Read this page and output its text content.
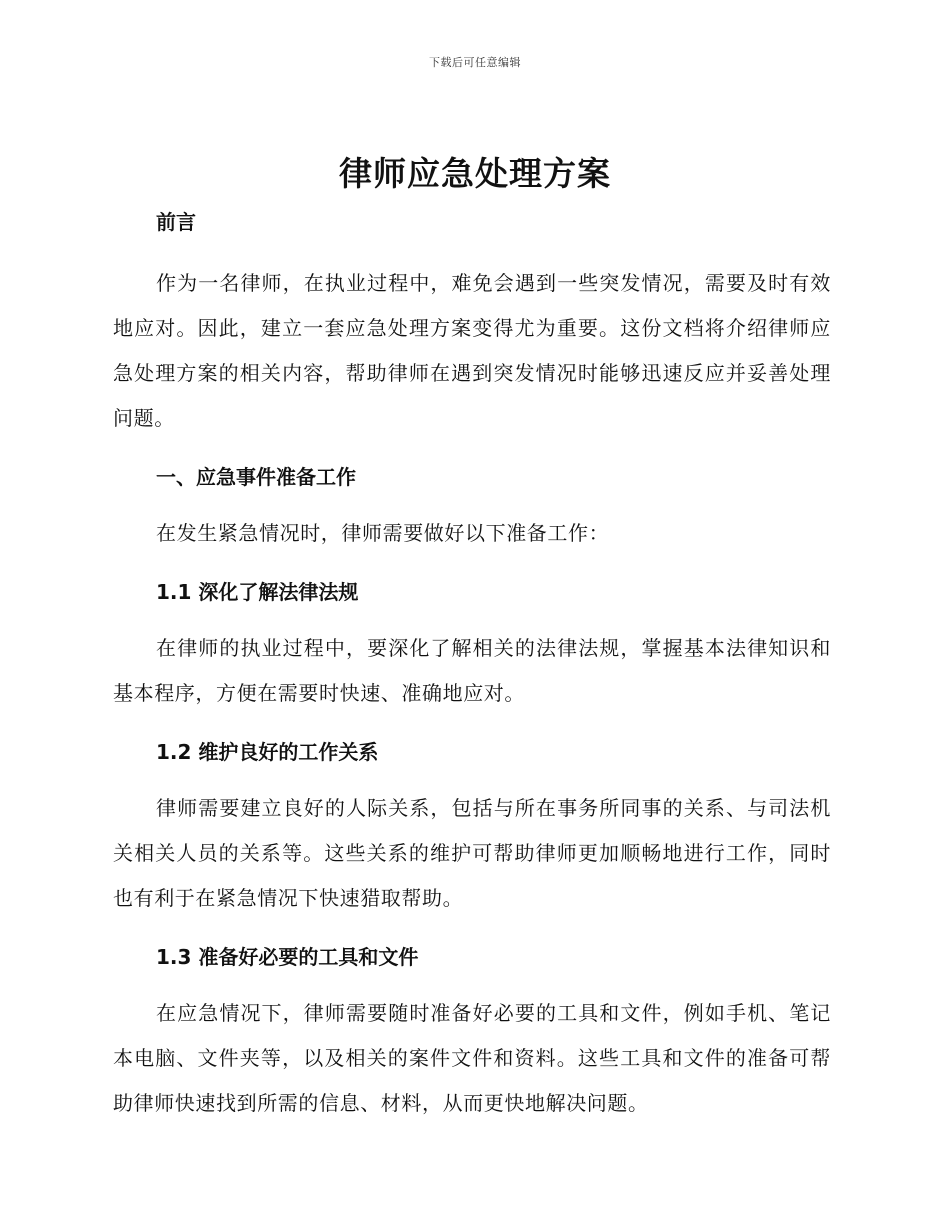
下载后可任意编辑
律师应急处理方案

前言

作为一名律师，在执业过程中，难免会遇到一些突发情况，需要及时有效地应对。因此，建立一套应急处理方案变得尤为重要。这份文档将介绍律师应急处理方案的相关内容，帮助律师在遇到突发情况时能够迅速反应并妥善处理问题。

一、应急事件准备工作

在发生紧急情况时，律师需要做好以下准备工作：

1.1 深化了解法律法规

在律师的执业过程中，要深化了解相关的法律法规，掌握基本法律知识和基本程序，方便在需要时快速、准确地应对。

1.2 维护良好的工作关系

律师需要建立良好的人际关系，包括与所在事务所同事的关系、与司法机关相关人员的关系等。这些关系的维护可帮助律师更加顺畅地进行工作，同时也有利于在紧急情况下快速猎取帮助。

1.3 准备好必要的工具和文件

在应急情况下，律师需要随时准备好必要的工具和文件，例如手机、笔记本电脑、文件夹等，以及相关的案件文件和资料。这些工具和文件的准备可帮助律师快速找到所需的信息、材料，从而更快地解决问题。
